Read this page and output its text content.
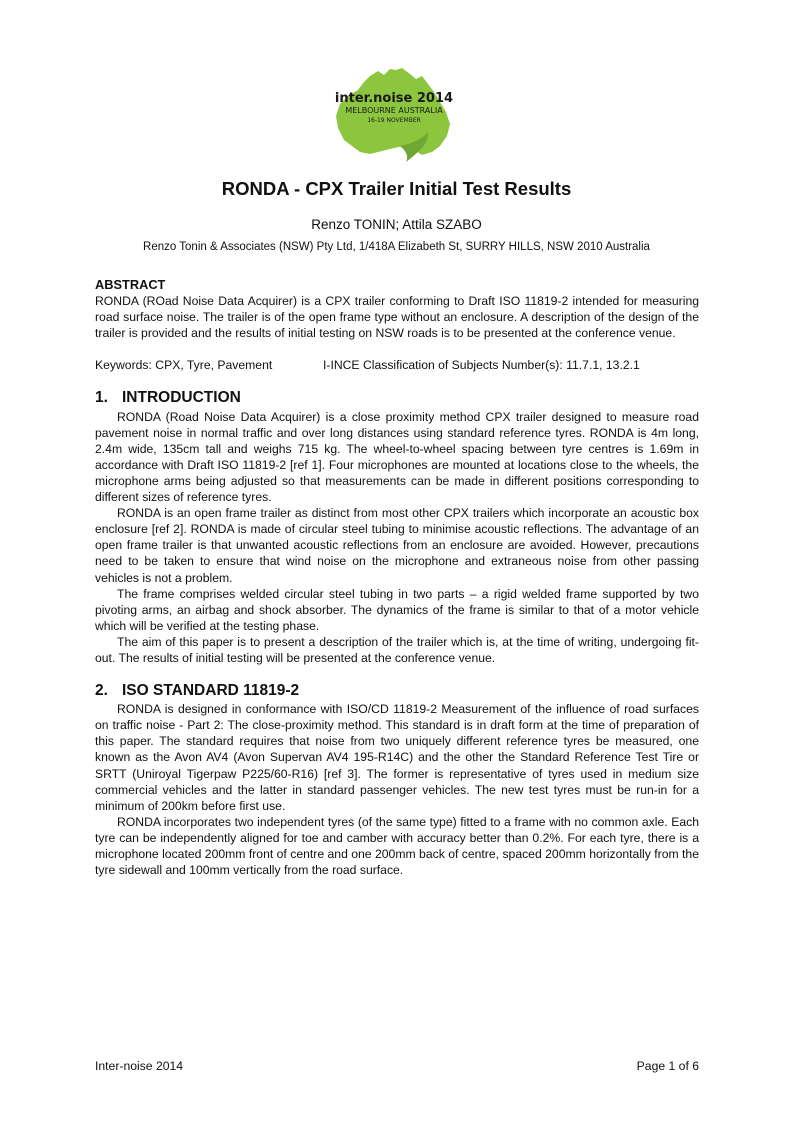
inter.noise 2014
MELBOURNE AUSTRALIA
16-19 NOVEMBER
RONDA - CPX Trailer Initial Test Results
Renzo TONIN; Attila SZABO
Renzo Tonin & Associates (NSW) Pty Ltd, 1/418A Elizabeth St, SURRY HILLS, NSW 2010 Australia
ABSTRACT

RONDA (ROad Noise Data Acquirer) is a CPX trailer conforming to Draft ISO 11819-2 intended for measuring road surface noise. The trailer is of the open frame type without an enclosure. A description of the design of the trailer is provided and the results of initial testing on NSW roads is to be presented at the conference venue.

Keywords: CPX, Tyre, Pavement	I-INCE Classification of Subjects Number(s): 11.7.1, 13.2.1
1. INTRODUCTION

RONDA (Road Noise Data Acquirer) is a close proximity method CPX trailer designed to measure road pavement noise in normal traffic and over long distances using standard reference tyres. RONDA is 4m long, 2.4m wide, 135cm tall and weighs 715 kg. The wheel-to-wheel spacing between tyre centres is 1.69m in accordance with Draft ISO 11819-2 [ref 1]. Four microphones are mounted at locations close to the wheels, the microphone arms being adjusted so that measurements can be made in different positions corresponding to different sizes of reference tyres.

RONDA is an open frame trailer as distinct from most other CPX trailers which incorporate an acoustic box enclosure [ref 2]. RONDA is made of circular steel tubing to minimise acoustic reflections. The advantage of an open frame trailer is that unwanted acoustic reflections from an enclosure are avoided. However, precautions need to be taken to ensure that wind noise on the microphone and extraneous noise from other passing vehicles is not a problem.

The frame comprises welded circular steel tubing in two parts – a rigid welded frame supported by two pivoting arms, an airbag and shock absorber. The dynamics of the frame is similar to that of a motor vehicle which will be verified at the testing phase.

The aim of this paper is to present a description of the trailer which is, at the time of writing, undergoing fit-out. The results of initial testing will be presented at the conference venue.

2. ISO STANDARD 11819-2

RONDA is designed in conformance with ISO/CD 11819-2 Measurement of the influence of road surfaces on traffic noise - Part 2: The close-proximity method. This standard is in draft form at the time of preparation of this paper. The standard requires that noise from two uniquely different reference tyres be measured, one known as the Avon AV4 (Avon Supervan AV4 195-R14C) and the other the Standard Reference Test Tire or SRTT (Uniroyal Tigerpaw P225/60-R16) [ref 3]. The former is representative of tyres used in medium size commercial vehicles and the latter in standard passenger vehicles. The new test tyres must be run-in for a minimum of 200km before first use.

RONDA incorporates two independent tyres (of the same type) fitted to a frame with no common axle. Each tyre can be independently aligned for toe and camber with accuracy better than 0.2%. For each tyre, there is a microphone located 200mm front of centre and one 200mm back of centre, spaced 200mm horizontally from the tyre sidewall and 100mm vertically from the road surface.

Inter-noise 2014	Page 1 of 6
